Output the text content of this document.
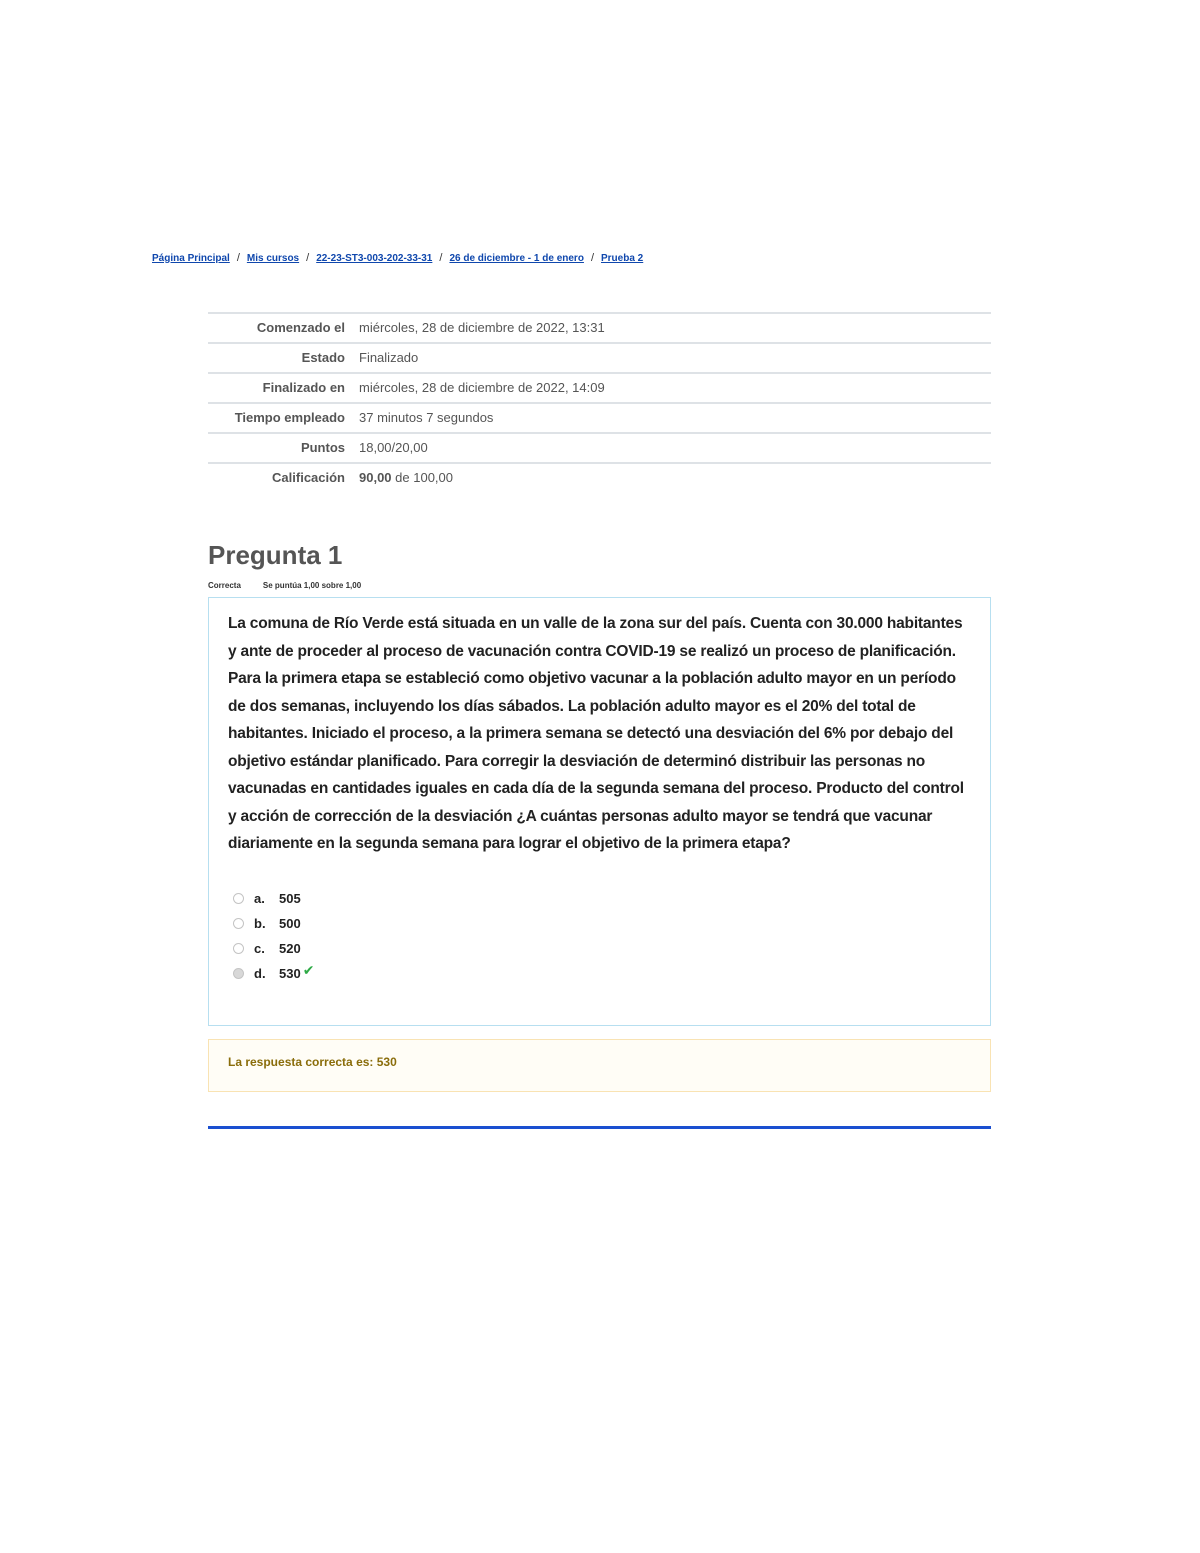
Página Principal / Mis cursos / 22-23-ST3-003-202-33-31 / 26 de diciembre - 1 de enero / Prueba 2
Comenzado el	miércoles, 28 de diciembre de 2022, 13:31
Estado	Finalizado
Finalizado en	miércoles, 28 de diciembre de 2022, 14:09
Tiempo empleado	37 minutos 7 segundos
Puntos	18,00/20,00
Calificación	90,00 de 100,00
Pregunta 1
Correcta	Se puntúa 1,00 sobre 1,00

La comuna de Río Verde está situada en un valle de la zona sur del país. Cuenta con 30.000 habitantes y ante de proceder al proceso de vacunación contra COVID-19 se realizó un proceso de planificación. Para la primera etapa se estableció como objetivo vacunar a la población adulto mayor en un período de dos semanas, incluyendo los días sábados. La población adulto mayor es el 20% del total de habitantes. Iniciado el proceso, a la primera semana se detectó una desviación del 6% por debajo del objetivo estándar planificado. Para corregir la desviación de determinó distribuir las personas no vacunadas en cantidades iguales en cada día de la segunda semana del proceso. Producto del control y acción de corrección de la desviación ¿A cuántas personas adulto mayor se tendrá que vacunar diariamente en la segunda semana para lograr el objetivo de la primera etapa?

a.	505
b.	500
c.	520
d.	530 ✔
La respuesta correcta es: 530
